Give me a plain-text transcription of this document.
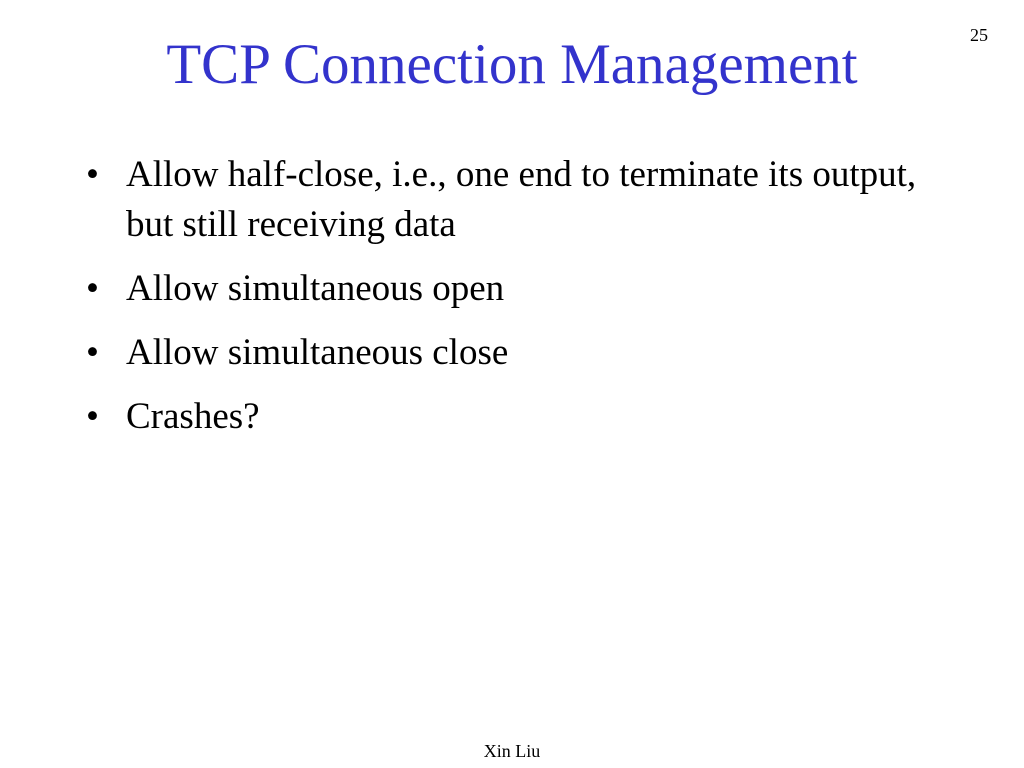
25
TCP Connection Management
• Allow half-close, i.e., one end to terminate its output, but still receiving data
• Allow simultaneous open
• Allow simultaneous close
• Crashes?
Xin Liu
